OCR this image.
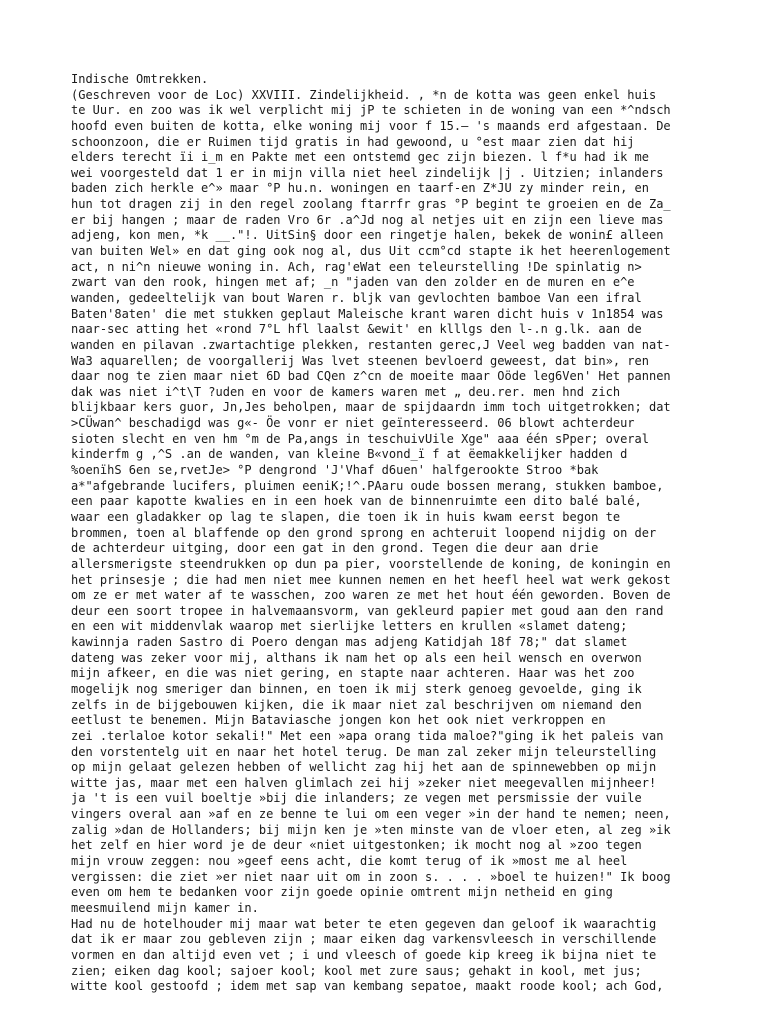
Indische Omtrekken.
(Geschreven voor de Loc) XXVIII. Zindelijkheid. , *n de kotta was geen enkel huis
te Uur. en zoo was ik wel verplicht mij jP te schieten in de woning van een *^ndsch
hoofd even buiten de kotta, elke woning mij voor f 15.— 's maands erd afgestaan. De
schoonzoon, die er Ruimen tijd gratis in had gewoond, u °est maar zien dat hij
elders terecht ïi i_m en Pakte met een ontstemd gec zijn biezen. l f*u had ik me
wei voorgesteld dat 1 er in mijn villa niet heel zindelijk |j . Uitzien; inlanders
baden zich herkle e^» maar °P hu.n. woningen en taarf-en Z*JU zy minder rein, en
hun tot dragen zij in den regel zoolang ftarrfr gras °P begint te groeien en de Za_
er bij hangen ; maar de raden Vro 6r .a^Jd nog al netjes uit en zijn een lieve mas
adjeng, kon men, *k __."!. UitSin§ door een ringetje halen, bekek de wonin£ alleen
van buiten Wel» en dat ging ook nog al, dus Uit ccm°cd stapte ik het heerenlogement
act, n ni^n nieuwe woning in. Ach, rag'eWat een teleurstelling !De spinlatig n>
zwart van den rook, hingen met af; _n "jaden van den zolder en de muren en e^e
wanden, gedeeltelijk van bout Waren r. bljk van gevlochten bamboe Van een ifral
Baten'8aten' die met stukken geplaut Maleische krant waren dicht huis v 1n1854 was
naar-sec atting het «rond 7°L hfl laalst &ewit' en klllgs den l-.n g.lk. aan de
wanden en pilavan .zwartachtige plekken, restanten gerec,J Veel weg badden van nat-
Wa3 aquarellen; de voorgallerij Was lvet steenen bevloerd geweest, dat bin», ren
daar nog te zien maar niet 6D bad CQen z^cn de moeite maar Oöde leg6Ven' Het pannen
dak was niet i^t\T ?uden en voor de kamers waren met „ deu.rer. men hnd zich
blijkbaar kers guor, Jn,Jes beholpen, maar de spijdaardn imm toch uitgetrokken; dat
>CÜwan^ beschadigd was g«- Öe vonr er niet geïnteresseerd. 06 blowt achterdeur
sioten slecht en ven hm °m de Pa,angs in teschuivUile Xge" aaa één sPper; overal
kinderfm g ,^S .an de wanden, van kleine B«vond_ï f at ëemakkelijker hadden d
%oenïhS 6en se,rvetJe> °P dengrond 'J'Vhaf d6uen' halfgerookte Stroo *bak
a*"afgebrande lucifers, pluimen eeniK;!^.PAaru oude bossen merang, stukken bamboe,
een paar kapotte kwalies en in een hoek van de binnenruimte een dito balé balé,
waar een gladakker op lag te slapen, die toen ik in huis kwam eerst begon te
brommen, toen al blaffende op den grond sprong en achteruit loopend nijdig on der
de achterdeur uitging, door een gat in den grond. Tegen die deur aan drie
allersmerigste steendrukken op dun pa pier, voorstellende de koning, de koningin en
het prinsesje ; die had men niet mee kunnen nemen en het heefl heel wat werk gekost
om ze er met water af te wasschen, zoo waren ze met het hout één geworden. Boven de
deur een soort tropee in halvemaansvorm, van gekleurd papier met goud aan den rand
en een wit middenvlak waarop met sierlijke letters en krullen «slamet dateng;
kawinnja raden Sastro di Poero dengan mas adjeng Katidjah 18f 78;" dat slamet
dateng was zeker voor mij, althans ik nam het op als een heil wensch en overwon
mijn afkeer, en die was niet gering, en stapte naar achteren. Haar was het zoo
mogelijk nog smeriger dan binnen, en toen ik mij sterk genoeg gevoelde, ging ik
zelfs in de bijgebouwen kijken, die ik maar niet zal beschrijven om niemand den
eetlust te benemen. Mijn Bataviasche jongen kon het ook niet verkroppen en
zei .terlaloe kotor sekali!" Met een »apa orang tida maloe?"ging ik het paleis van
den vorstentelg uit en naar het hotel terug. De man zal zeker mijn teleurstelling
op mijn gelaat gelezen hebben of wellicht zag hij het aan de spinnewebben op mijn
witte jas, maar met een halven glimlach zei hij »zeker niet meegevallen mijnheer!
ja 't is een vuil boeltje »bij die inlanders; ze vegen met persmissie der vuile
vingers overal aan »af en ze benne te lui om een veger »in der hand te nemen; neen,
zalig »dan de Hollanders; bij mijn ken je »ten minste van de vloer eten, al zeg »ik
het zelf en hier word je de deur «niet uitgestonken; ik mocht nog al »zoo tegen
mijn vrouw zeggen: nou »geef eens acht, die komt terug of ik »most me al heel
vergissen: die ziet »er niet naar uit om in zoon s. . . . »boel te huizen!" Ik boog
even om hem te bedanken voor zijn goede opinie omtrent mijn netheid en ging
meesmuilend mijn kamer in.
Had nu de hotelhouder mij maar wat beter te eten gegeven dan geloof ik waarachtig
dat ik er maar zou gebleven zijn ; maar eiken dag varkensvleesch in verschillende
vormen en dan altijd even vet ; i und vleesch of goede kip kreeg ik bijna niet te
zien; eiken dag kool; sajoer kool; kool met zure saus; gehakt in kool, met jus;
witte kool gestoofd ; idem met sap van kembang sepatoe, maakt roode kool; ach God,
